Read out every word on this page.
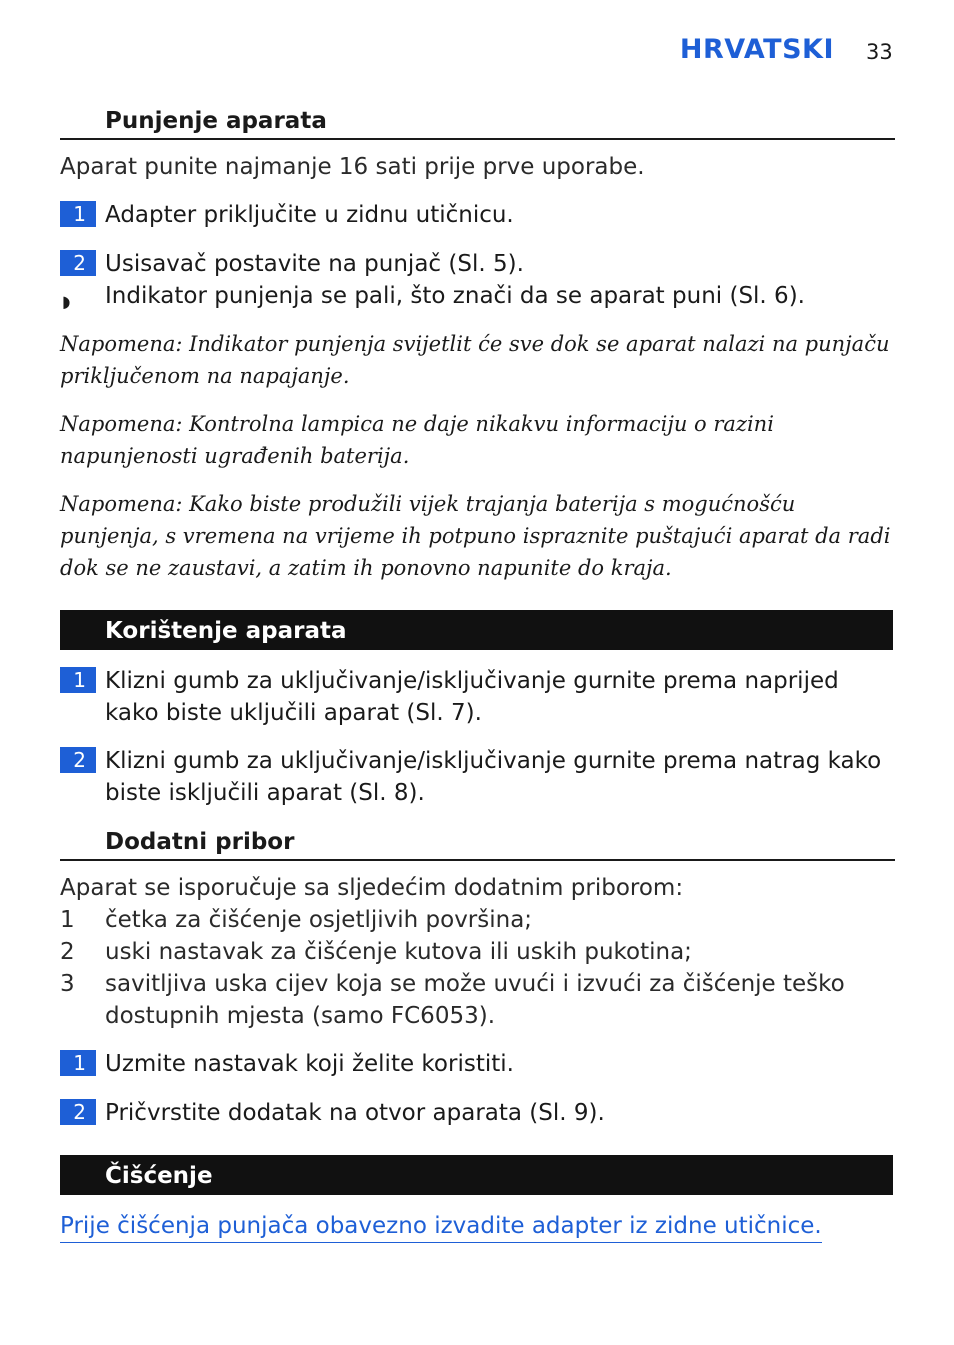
HRVATSKI 33
Punjenje aparata
Aparat punite najmanje 16 sati prije prve uporabe.
1 Adapter priključite u zidnu utičnicu.
2 Usisavač postavite na punjač (Sl. 5).
◗ Indikator punjenja se pali, što znači da se aparat puni (Sl. 6).
Napomena: Indikator punjenja svijetlit će sve dok se aparat nalazi na punjaču priključenom na napajanje.
Napomena: Kontrolna lampica ne daje nikakvu informaciju o razini napunjenosti ugrađenih baterija.
Napomena: Kako biste produžili vijek trajanja baterija s mogućnošću punjenja, s vremena na vrijeme ih potpuno ispraznite puštajući aparat da radi dok se ne zaustavi, a zatim ih ponovno napunite do kraja.
Korištenje aparata
1 Klizni gumb za uključivanje/isključivanje gurnite prema naprijed kako biste uključili aparat (Sl. 7).
2 Klizni gumb za uključivanje/isključivanje gurnite prema natrag kako biste isključili aparat (Sl. 8).
Dodatni pribor
Aparat se isporučuje sa sljedećim dodatnim priborom:
1 četka za čišćenje osjetljivih površina;
2 uski nastavak za čišćenje kutova ili uskih pukotina;
3 savitljiva uska cijev koja se može uvući i izvući za čišćenje teško dostupnih mjesta (samo FC6053).
1 Uzmite nastavak koji želite koristiti.
2 Pričvrstite dodatak na otvor aparata (Sl. 9).
Čišćenje
Prije čišćenja punjača obavezno izvadite adapter iz zidne utičnice.
